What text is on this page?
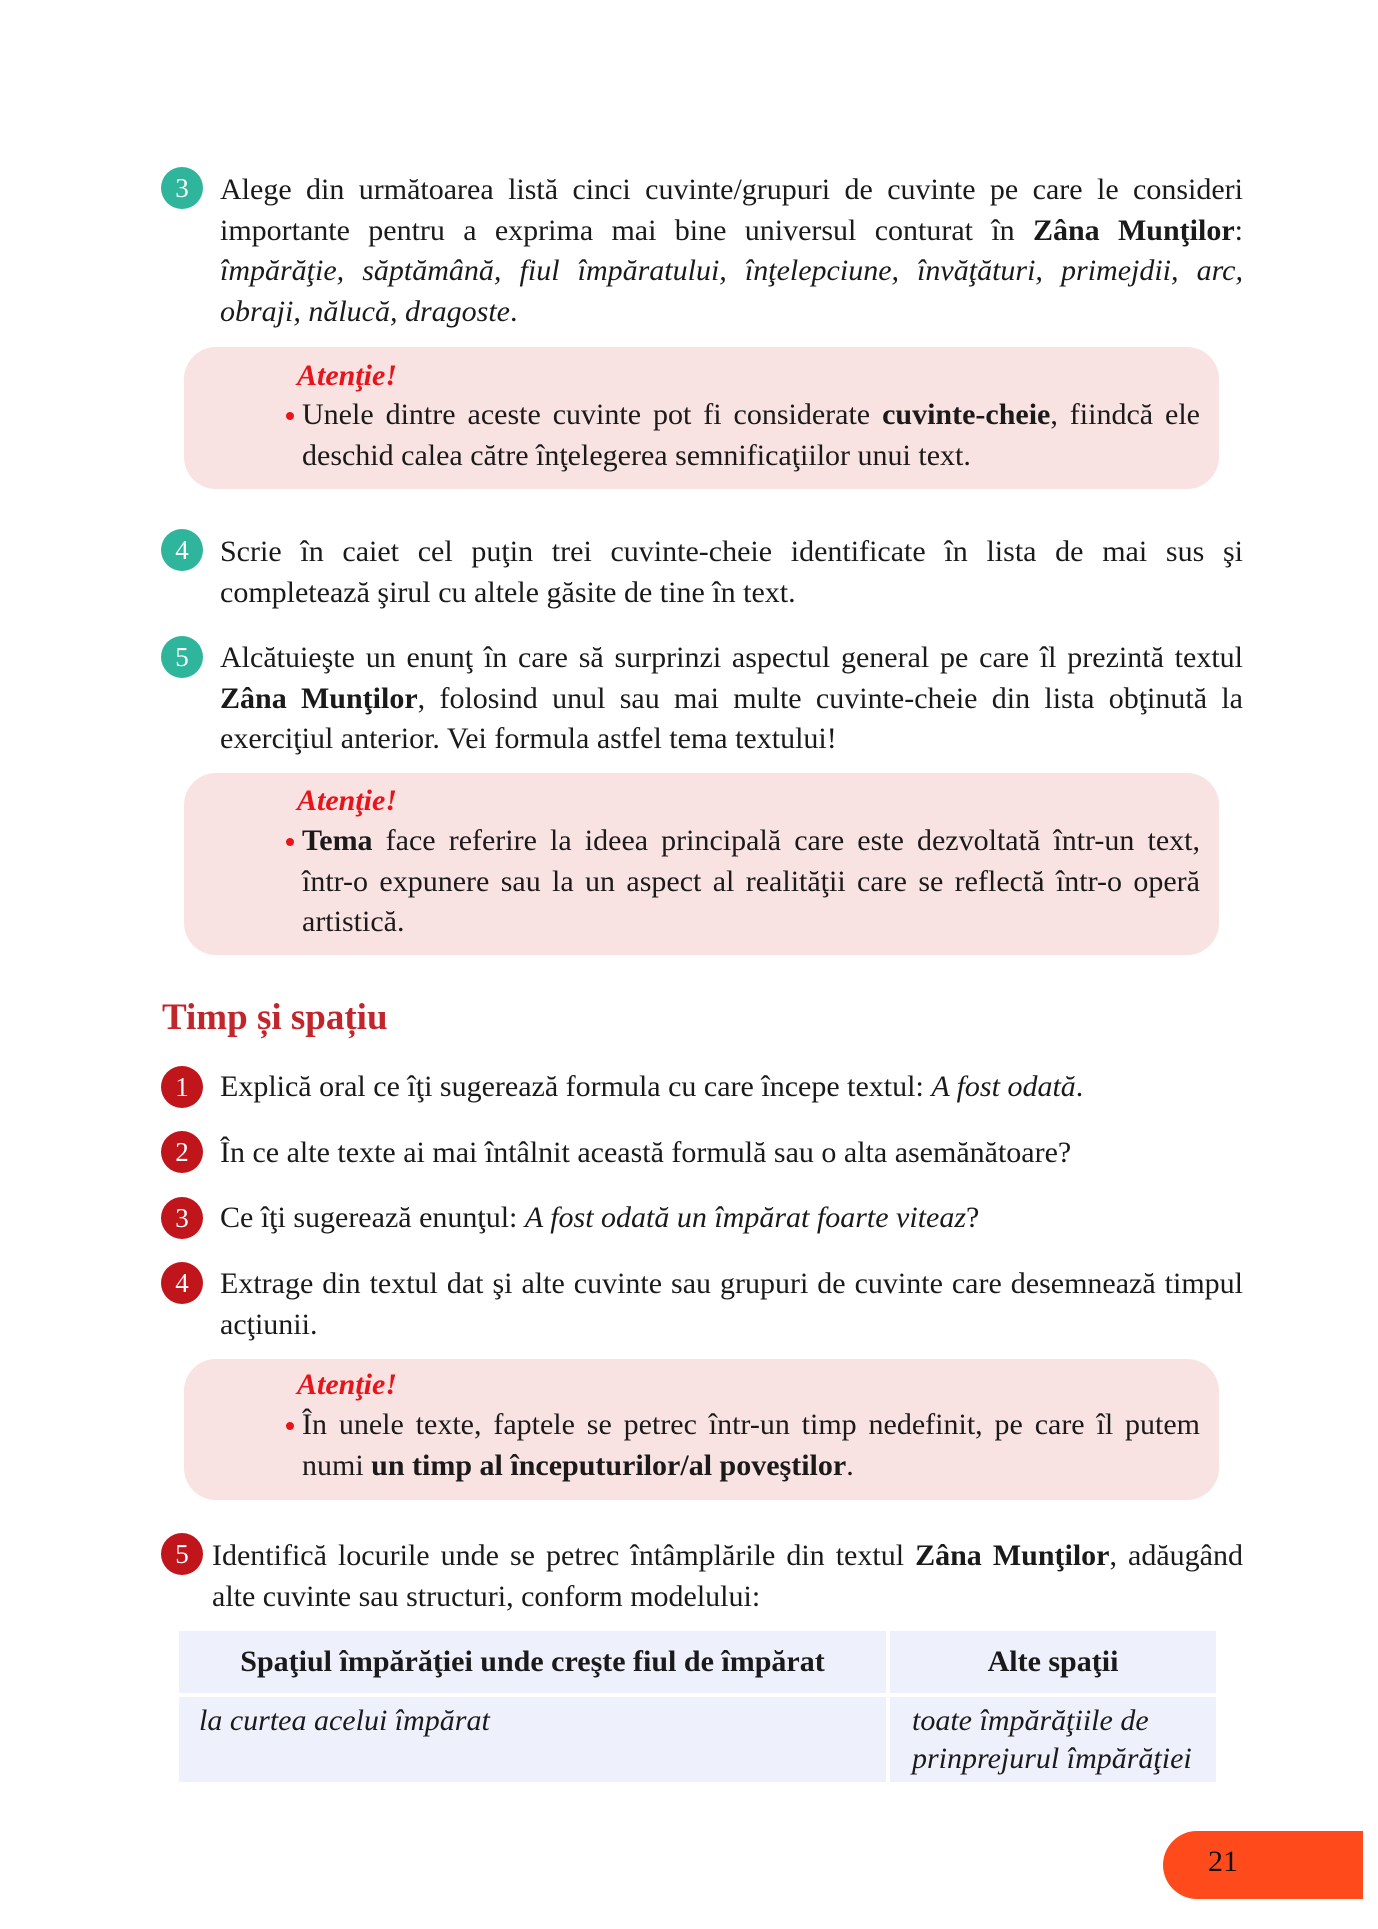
3	Alege din următoarea listă cinci cuvinte/grupuri de cuvinte pe care le consideri importante pentru a exprima mai bine universul conturat în Zâna Munţilor: împărăţie, săptămână, fiul împăratului, înţelepciune, învăţături, primejdii, arc, obraji, nălucă, dragoste.
Atenţie!
Unele dintre aceste cuvinte pot fi considerate cuvinte-cheie, fiindcă ele deschid calea către înţelegerea semnificaţiilor unui text.
4	Scrie în caiet cel puţin trei cuvinte-cheie identificate în lista de mai sus şi completează şirul cu altele găsite de tine în text.
5	Alcătuieşte un enunţ în care să surprinzi aspectul general pe care îl prezintă textul Zâna Munţilor, folosind unul sau mai multe cuvinte-cheie din lista obţinută la exerciţiul anterior. Vei formula astfel tema textului!
Atenţie!
Tema face referire la ideea principală care este dezvoltată într-un text, într-o expunere sau la un aspect al realităţii care se reflectă într-o operă artistică.
Timp și spațiu
1	Explică oral ce îţi sugerează formula cu care începe textul: A fost odată.
2	În ce alte texte ai mai întâlnit această formulă sau o alta asemănătoare?
3	Ce îţi sugerează enunţul: A fost odată un împărat foarte viteaz?
4	Extrage din textul dat şi alte cuvinte sau grupuri de cuvinte care desemnează timpul acţiunii.
Atenţie!
În unele texte, faptele se petrec într-un timp nedefinit, pe care îl putem numi un timp al începuturilor/al poveştilor.
5 Identifică locurile unde se petrec întâmplările din textul Zâna Munţilor, adăugând alte cuvinte sau structuri, conform modelului:
Spaţiul împărăţiei unde creşte fiul de împărat	Alte spaţii
la curtea acelui împărat	toate împărăţiile de prinprejurul împărăţiei
21
